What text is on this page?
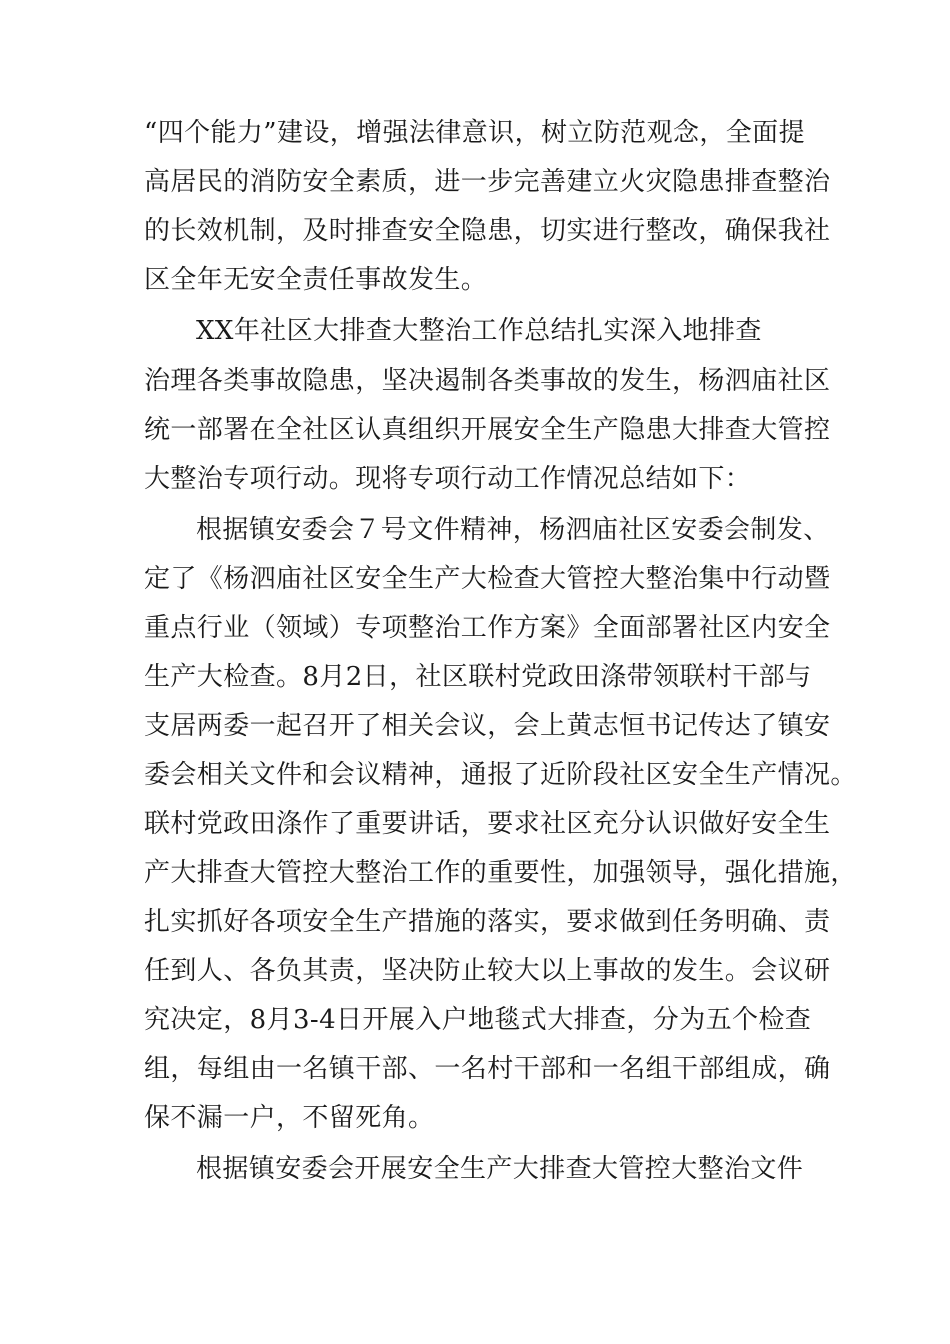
“四个能力”建设，增强法律意识，树立防范观念，全面提
高居民的消防安全素质，进一步完善建立火灾隐患排查整治
的长效机制，及时排查安全隐患，切实进行整改，确保我社
区全年无安全责任事故发生。
XX年社区大排查大整治工作总结扎实深入地排查
治理各类事故隐患，坚决遏制各类事故的发生，杨泗庙社区
统一部署在全社区认真组织开展安全生产隐患大排查大管控
大整治专项行动。现将专项行动工作情况总结如下：
根据镇安委会７号文件精神，杨泗庙社区安委会制发、
定了《杨泗庙社区安全生产大检查大管控大整治集中行动暨
重点行业（领域）专项整治工作方案》全面部署社区内安全
生产大检查。8月2日，社区联村党政田涤带领联村干部与
支居两委一起召开了相关会议，会上黄志恒书记传达了镇安
委会相关文件和会议精神，通报了近阶段社区安全生产情况。
联村党政田涤作了重要讲话，要求社区充分认识做好安全生
产大排查大管控大整治工作的重要性，加强领导，强化措施，
扎实抓好各项安全生产措施的落实，要求做到任务明确、责
任到人、各负其责，坚决防止较大以上事故的发生。会议研
究决定，8月3-4日开展入户地毯式大排查，分为五个检查
组，每组由一名镇干部、一名村干部和一名组干部组成，确
保不漏一户，不留死角。
根据镇安委会开展安全生产大排查大管控大整治文件
